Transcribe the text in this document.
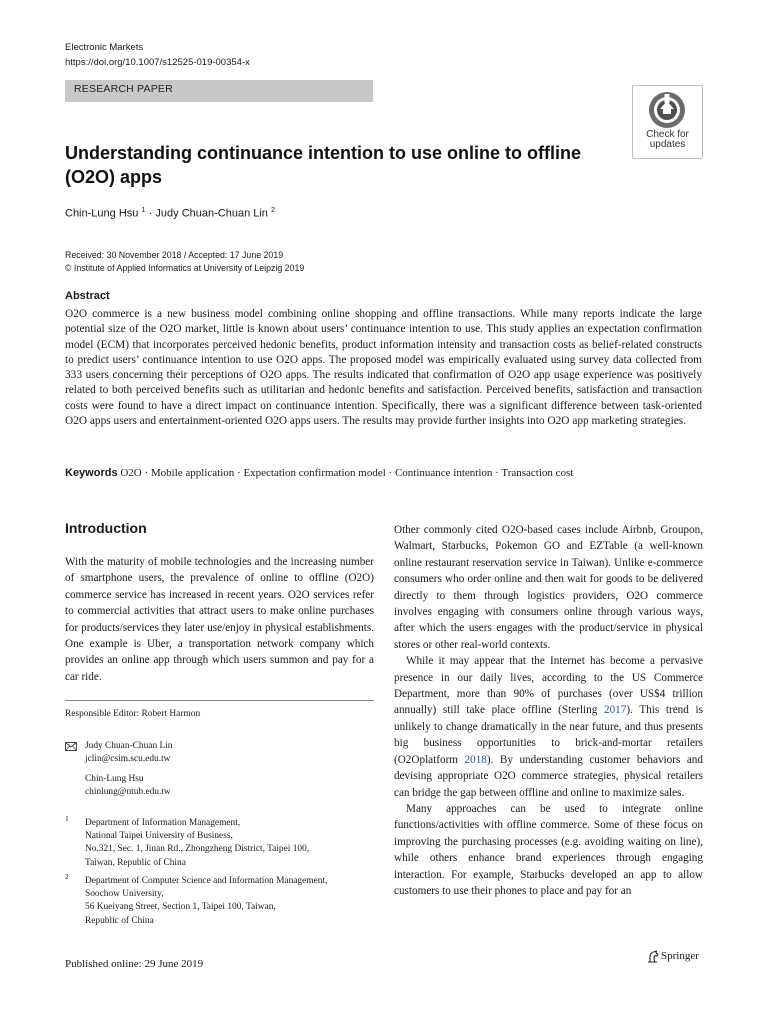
Electronic Markets
https://doi.org/10.1007/s12525-019-00354-x
RESEARCH PAPER
Check for
updates
Understanding continuance intention to use online to offline (O2O) apps
Chin-Lung Hsu $^1$ · Judy Chuan-Chuan Lin $^2$
Received: 30 November 2018 / Accepted: 17 June 2019
© Institute of Applied Informatics at University of Leipzig 2019
Abstract

O2O commerce is a new business model combining online shopping and offline transactions. While many reports indicate the large potential size of the O2O market, little is known about users’ continuance intention to use. This study applies an expectation confirmation model (ECM) that incorporates perceived hedonic benefits, product information intensity and transaction costs as belief-related constructs to predict users’ continuance intention to use O2O apps. The proposed model was empirically evaluated using survey data collected from 333 users concerning their perceptions of O2O apps. The results indicated that confirmation of O2O app usage experience was positively related to both perceived benefits such as utilitarian and hedonic benefits and satisfaction. Perceived benefits, satisfaction and transaction costs were found to have a direct impact on continuance intention. Specifically, there was a significant difference between task-oriented O2O apps users and entertainment-oriented O2O apps users. The results may provide further insights into O2O app marketing strategies.

Keywords O2O · Mobile application · Expectation confirmation model · Continuance intention · Transaction cost
Introduction

With the maturity of mobile technologies and the increasing number of smartphone users, the prevalence of online to offline (O2O) commerce service has increased in recent years. O2O services refer to commercial activities that attract users to make online purchases for products/services they later use/enjoy in physical establishments. One example is Uber, a transportation network company which provides an online app through which users summon and pay for a car ride.

Other commonly cited O2O-based cases include Airbnb, Groupon, Walmart, Starbucks, Pokemon GO and EZTable (a well-known online restaurant reservation service in Taiwan). Unlike e-commerce consumers who order online and then wait for goods to be delivered directly to them through logistics providers, O2O commerce involves engaging with consumers online through various ways, after which the users engages with the product/service in physical stores or other real-world contexts.

While it may appear that the Internet has become a pervasive presence in our daily lives, according to the US Commerce Department, more than 90% of purchases (over US$4 trillion annually) still take place offline (Sterling 2017). This trend is unlikely to change dramatically in the near future, and thus presents big business opportunities to brick-and-mortar retailers (O2Oplatform 2018). By understanding customer behaviors and devising appropriate O2O commerce strategies, physical retailers can bridge the gap between offline and online to maximize sales.

Many approaches can be used to integrate online functions/activities with offline commerce. Some of these focus on improving the purchasing processes (e.g. avoiding waiting on line), while others enhance brand experiences through engaging interaction. For example, Starbucks developed an app to allow customers to use their phones to place and pay for an

Responsible Editor: Robert Harmon
Judy Chuan-Chuan Lin
jclin@csim.scu.edu.tw
Chin-Lung Hsu
chinlung@ntub.edu.tw
1 Department of Information Management,
National Taipei University of Business,
No.321, Sec. 1, Jinan Rd., Zhongzheng District, Taipei 100,
Taiwan, Republic of China
2 Department of Computer Science and Information Management,
Soochow University,
56 Kueiyang Street, Section 1, Taipei 100, Taiwan,
Republic of China
Published online: 29 June 2019
Springer
